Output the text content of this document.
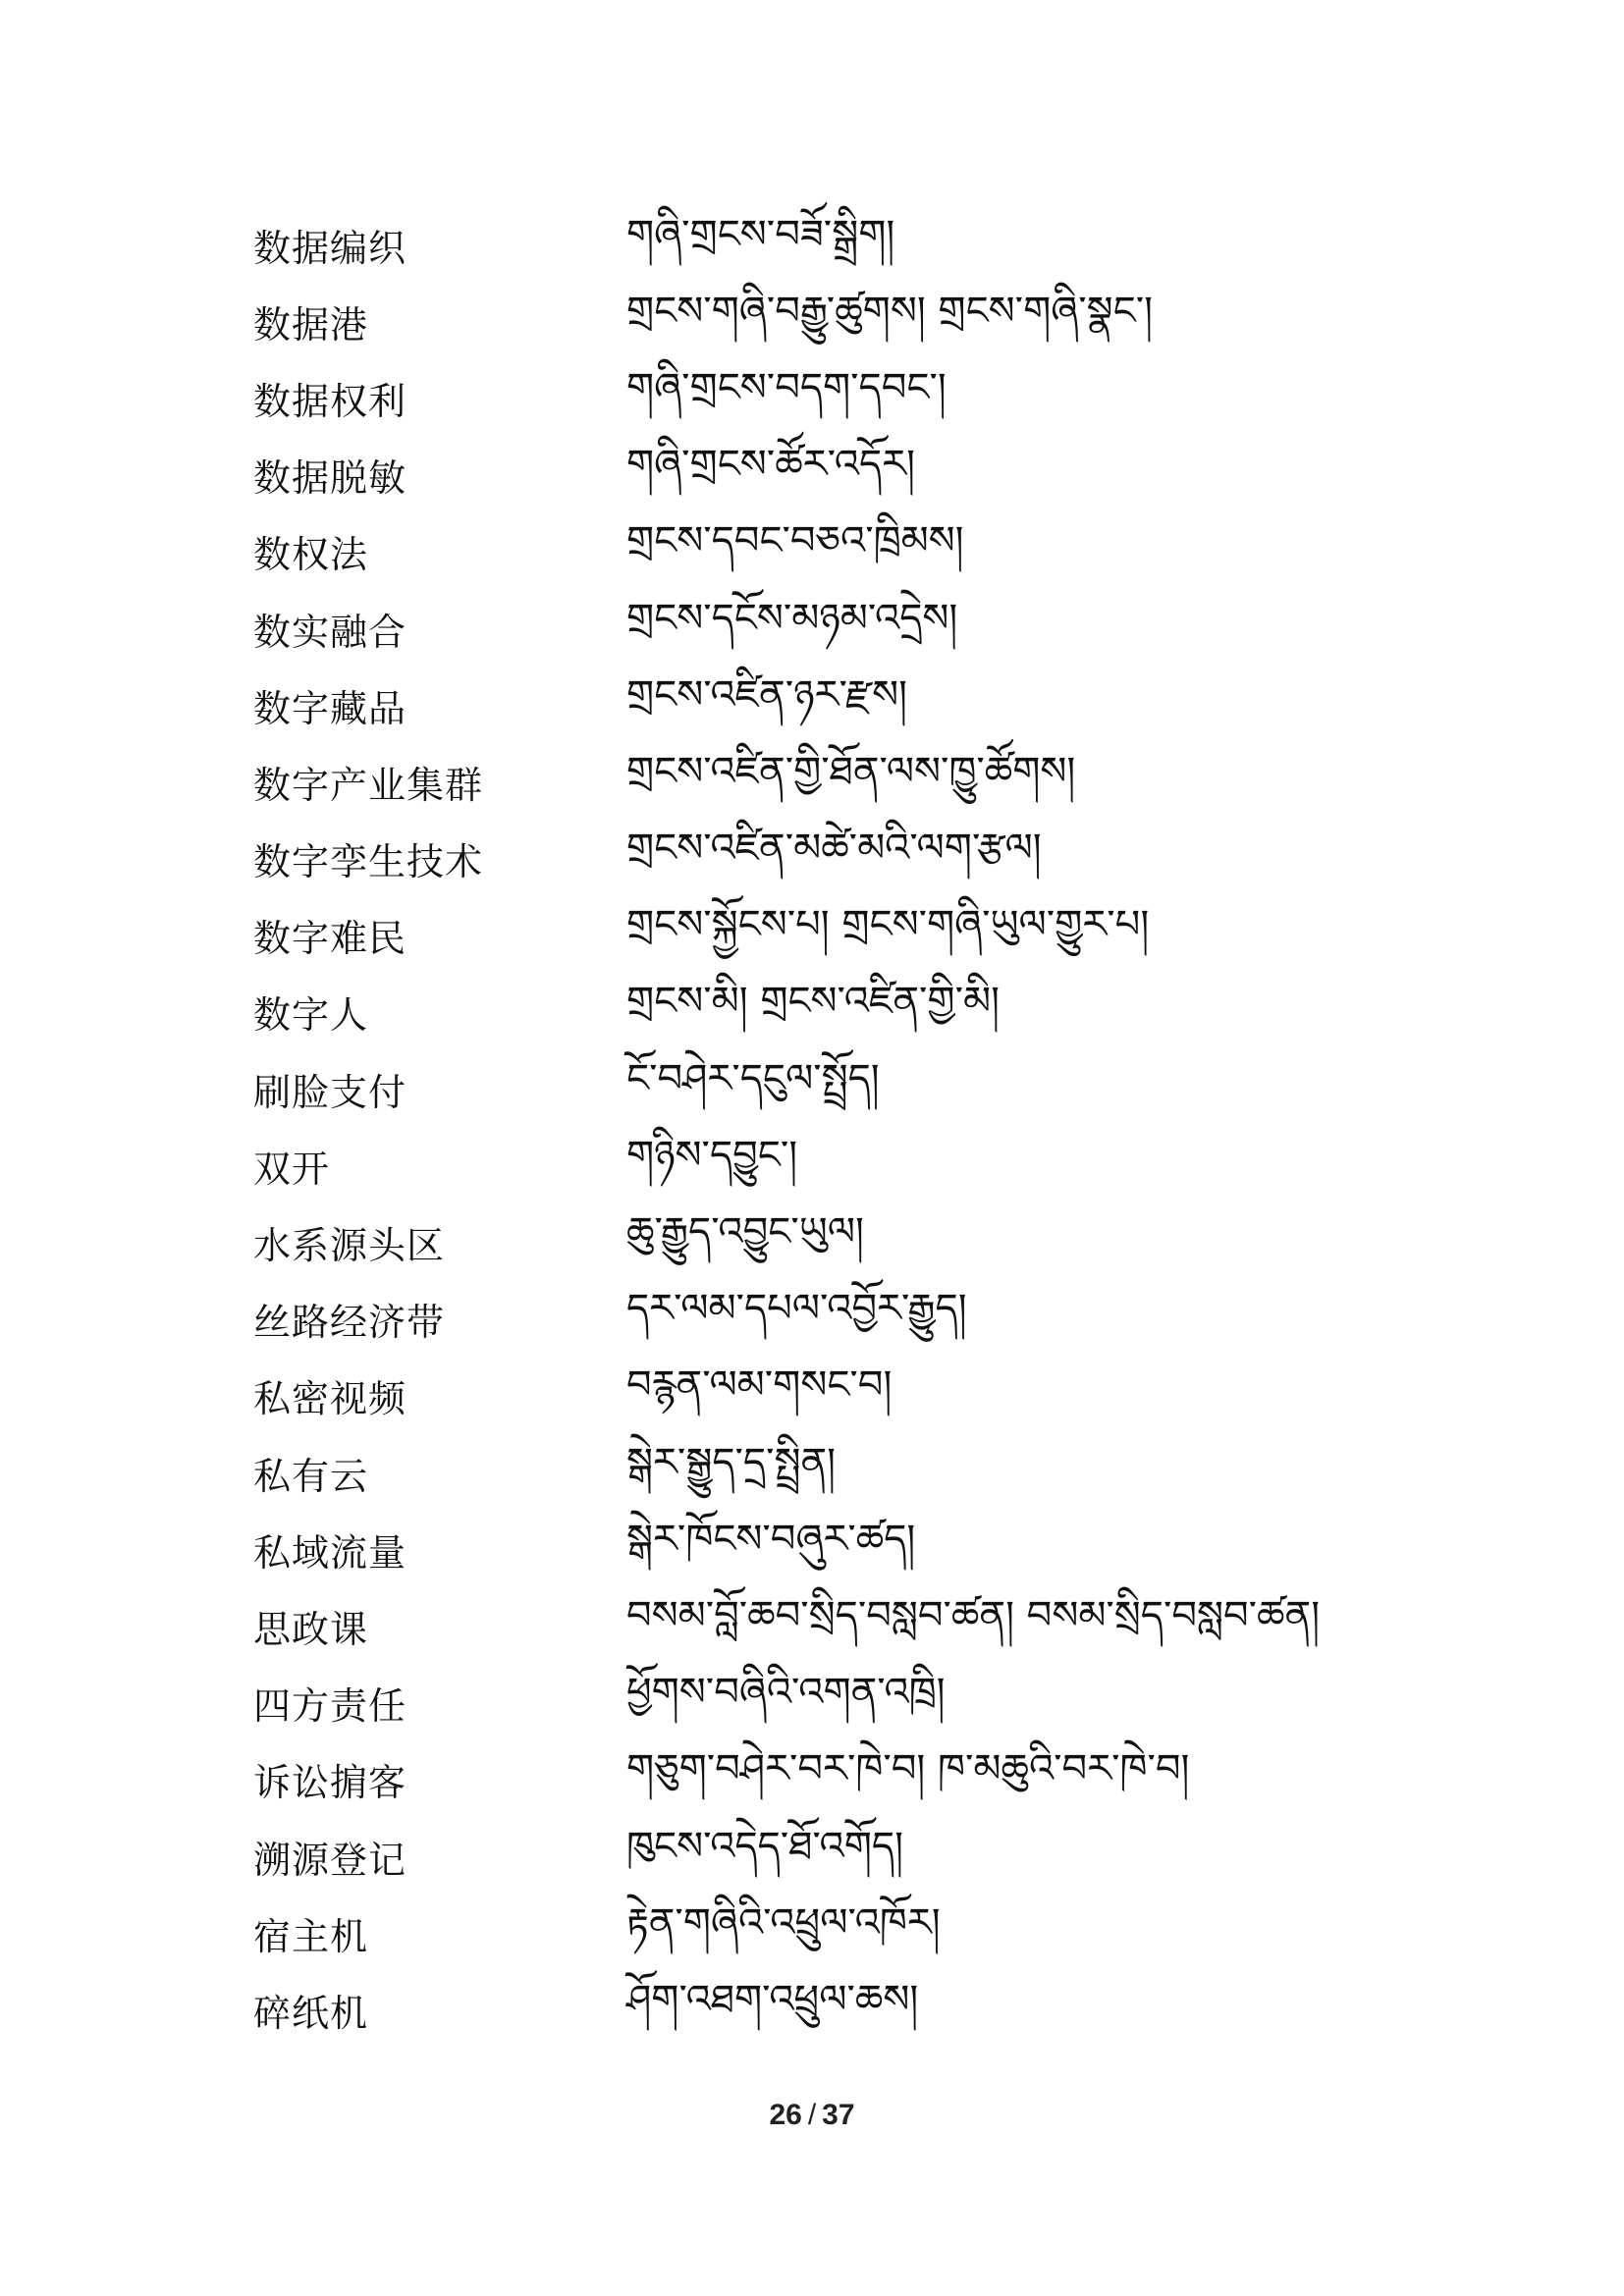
数据编织	གཞི་གྲངས་བཟོ་སྒྲིག།
数据港	གྲངས་གཞི་བརྒྱུ་ཚུགས། གྲངས་གཞི་སྣང་།
数据权利	གཞི་གྲངས་བདག་དབང་།
数据脱敏	གཞི་གྲངས་ཚོར་འདོར།
数权法	གྲངས་དབང་བཅའ་ཁྲིམས།
数实融合	གྲངས་དངོས་མཉམ་འདྲེས།
数字藏品	གྲངས་འཛིན་ཉར་རྫས།
数字产业集群	གྲངས་འཛིན་གྱི་ཐོན་ལས་ཁྱུ་ཚོགས།
数字孪生技术	གྲངས་འཛིན་མཚེ་མའི་ལག་རྩལ།
数字难民	གྲངས་སྐྱོངས་པ། གྲངས་གཞི་ཡུལ་གྱུར་པ།
数字人	གྲངས་མི། གྲངས་འཛིན་གྱི་མི།
刷脸支付	ངོ་བཤེར་དངུལ་སྤྲོད།
双开	གཉིས་དབྱུང་།
水系源头区	ཆུ་རྒྱུད་འབྱུང་ཡུལ།
丝路经济带	དར་ལམ་དཔལ་འབྱོར་རྒྱུད།
私密视频	བརྙན་ལམ་གསང་བ།
私有云	སྒེར་སྒྱུད་དྲ་སྤྲིན།
私域流量	སྒེར་ཁོངས་བཞུར་ཚད།
思政课	བསམ་བློ་ཆབ་སྲིད་བསླབ་ཚན། བསམ་སྲིད་བསླབ་ཚན།
四方责任	ཕྱོགས་བཞིའི་འགན་འཁྲི།
诉讼掮客	གཅུག་བཤེར་བར་ཁེ་བ། ཁ་མཆུའི་བར་ཁེ་བ།
溯源登记	ཁུངས་འདེད་ཐོ་འགོད།
宿主机	རྟེན་གཞིའི་འཕྲུལ་འཁོར།
碎纸机	ཤོག་འཐག་འཕྲུལ་ཆས།
26 / 37
